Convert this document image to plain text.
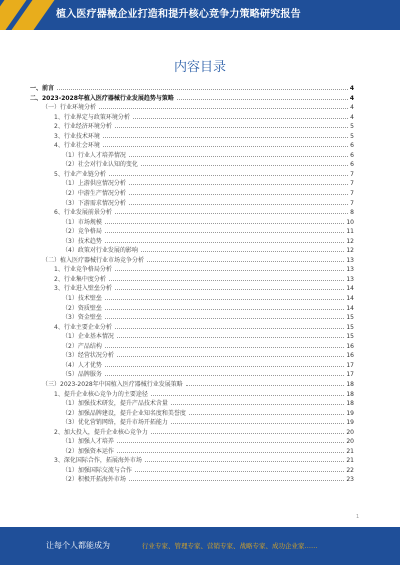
植入医疗器械企业打造和提升核心竞争力策略研究报告
内容目录
一、前言	4
二、2023-2028年植入医疗器械行业发展趋势与策略	4
（一）行业环境分析	4
1、行业界定与政策环境分析	4
2、行业经济环境分析	5
3、行业技术环境	5
4、行业社会环境	6
（1）行业人才培养情况	6
（2）社会对行业认知的变化	6
5、行业产业链分析	7
（1）上游供应情况分析	7
（2）中游生产情况分析	7
（3）下游需求情况分析	7
6、行业发展前景分析	8
（1）市场规模	10
（2）竞争格局	11
（3）技术趋势	12
（4）政策对行业发展的影响	12
（二）植入医疗器械行业市场竞争分析	13
1、行业竞争格局分析	13
2、行业集中度分析	13
3、行业进入壁垒分析	14
（1）技术壁垒	14
（2）资质壁垒	14
（3）资金壁垒	15
4、行业主要企业分析	15
（1）企业基本情况	15
（2）产品结构	16
（3）经营状况分析	16
（4）人才优势	17
（5）品牌服务	17
（三）2023-2028年中国植入医疗器械行业发展策略	18
1、提升企业核心竞争力的主要途径	18
（1）加强技术研发，提升产品技术含量	18
（2）加强品牌建设，提升企业知名度和美誉度	19
（3）优化营销网络，提升市场开拓能力	19
2、加大投入，提升企业核心竞争力	20
（1）加强人才培养	20
（2）加强资本运作	21
3、深化国际合作，拓展海外市场	21
（1）加强国际交流与合作	22
（2）积极开拓海外市场	23
1
让每个人都能成为	行业专家、管理专家、营销专家、战略专家、成功企业家……
